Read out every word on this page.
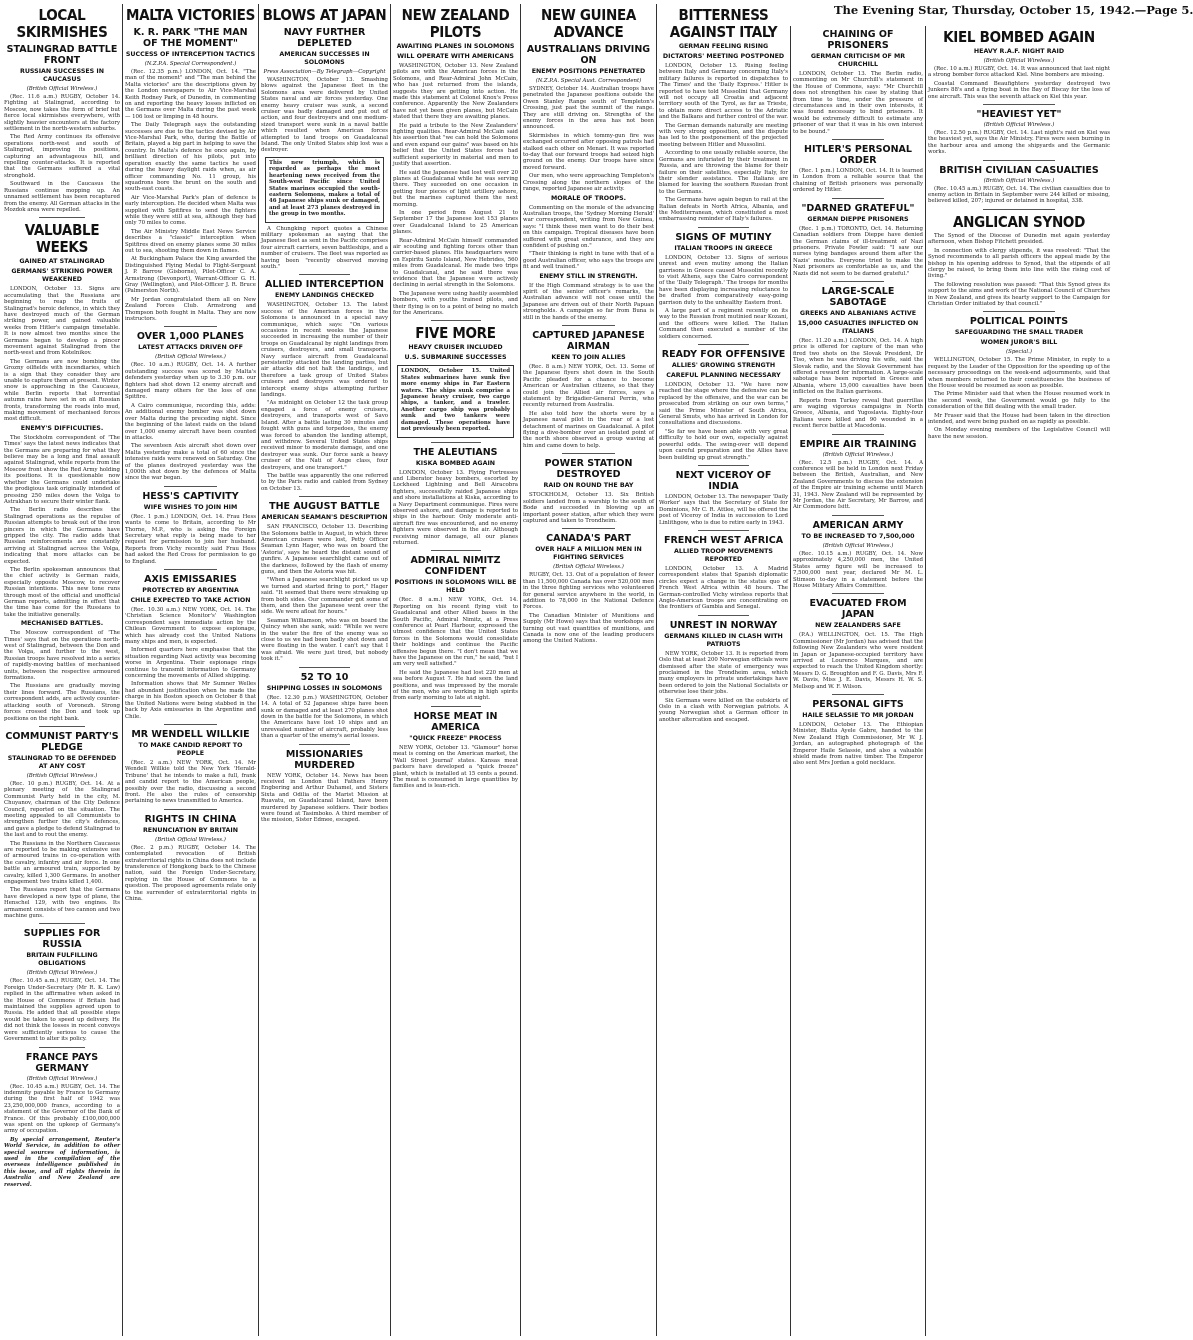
The Evening Star, Thursday, October 15, 1942.—Page 5.
LOCAL SKIRMISHES
STALINGRAD BATTLE FRONT
RUSSIAN SUCCESSES IN CAUCASUS
(British Official Wireless.)

(Rec. 11.6 a.m.) RUGBY, October 14. Fighting at Stalingrad, according to Moscow, now takes the form of brief but fierce local skirmishes everywhere, with slightly heavier encounters at the factory settlement in the north-western suburbs.

The Red Army continues its offensive operations north-west and south of Stalingrad, improving its positions, capturing an advantageous hill, and repelling counter-attacks. It is reported that the Germans suffered a vital stronghold.

Southward in the Caucasus the Russians continue mopping up. An unnamed settlement has been recaptured from the enemy. All German attacks in the Mozdok area were repelled.

VALUABLE WEEKS
GAINED AT STALINGRAD
GERMANS' STRIKING POWER WEAKENED

LONDON, October 13. Signs are accumulating that the Russians are beginning to reap the fruits of Stalingrad's heroic defence, in which they have destroyed much of the German striking power, and gained valuable weeks from Hitler's campaign timetable. It is now almost two months since the Germans began to develop a pincer movement against Stalingrad from the north-west and from Kotelnikov.

The Germans are now bombing the Grozny oilfields with incendiaries, which is a sign that they consider they are unable to capture them at present. Winter snow is approaching in the Caucasus, while Berlin reports that torrential autumn rains have set in on all Russian fronts, transforming the roads into mud, making movement of mechanised forces most difficult.

ENEMY'S DIFFICULTIES.

The Stockholm correspondent of 'The Times' says the latest news indicates that the Germans are preparing for what they believe may be a long and final assault against Stalingrad, while reports from the Moscow front show the Red Army holding its positions. It is questionable now whether the Germans could undertake the prodigious task originally intended of pressing 250 miles down the Volga to Astrakhan to secure their winter flank.

The Berlin radio describes the Stalingrad operations as the repulse of Russian attempts to break out of the iron pincers in which the Germans have gripped the city. The radio adds that Russian reinforcements are constantly arriving at Stalingrad across the Volga, indicating that more attacks can be expected.

The Berlin spokesman announces that the chief activity is German raids, especially opposite Moscow, to recover Russian intentions. This new tone runs through most of the official and unofficial German reports, admitting in effect that the time has come for the Russians to take the initiative generally.

MECHANISED BATTLES.

The Moscow correspondent of 'The Times' says that on the operations north-west of Stalingrad, between the Don and the Volga, and further to the west, Russian troops have resolved into a series of rapidly-moving battles of mechanised units, between the respective armoured formations.

The Russians are gradually moving their lines forward. The Russians, the correspondent adds, are actively counter-attacking south of Voronezh. Strong forces crossed the Don and took up positions on the right bank.

COMMUNIST PARTY'S PLEDGE
STALINGRAD TO BE DEFENDED AT ANY COST
(British Official Wireless.)

(Rec. 10 p.m.) RUGBY, Oct. 14. At a plenary meeting of the Stalingrad Communist Party held in the city, M. Chuyanov, chairman of the City Defence Council, reported on the situation. The meeting appealed to all Communists to strengthen further the city's defences, and gave a pledge to defend Stalingrad to the last and to rout the enemy.

The Russians in the Northern Caucasus are reported to be making extensive use of armoured trains in co-operation with the cavalry, infantry and air force. In one battle an armoured train, supported by cavalry, killed 1,300 Germans. In another engagement two trains killed 1,400.

The Russians report that the Germans have developed a new type of plane, the Henschel 129, with two engines. Its armament consists of two cannon and two machine guns.

SUPPLIES FOR RUSSIA
BRITAIN FULFILLING OBLIGATIONS
(British Official Wireless.)

(Rec. 10.45 a.m.) RUGBY, Oct. 14. The Foreign Under-Secretary (Mr R. K. Law) replied in the affirmative when asked in the House of Commons if Britain had maintained the supplies agreed upon to Russia. He added that all possible steps would be taken to speed up delivery. He did not think the losses in recent convoys were sufficiently serious to cause the Government to alter its policy.

FRANCE PAYS GERMANY
(British Official Wireless.)

(Rec. 10.45 a.m.) RUGBY, Oct. 14. The indemnity payable by France to Germany during the first half of 1942 was 23,250,000,000 francs, according to a statement of the Governor of the Bank of France. Of this probably £100,000,000 was spent on the upkeep of Germany's army of occupation.

By special arrangement, Reuter's World Service, in addition to other special sources of information, is used in the compilation of the overseas intelligence published in this issue, and all rights therein in Australia and New Zealand are reserved.

MALTA VICTORIES
K. R. PARK "THE MAN OF THE MOMENT"
SUCCESS OF INTERCEPTION TACTICS
(N.Z.P.A. Special Correspondent.)

(Rec. 12.35 p.m.) LONDON, Oct. 14. "The man of the moment" and "The man behind the Malta victories" are the descriptions given by the London newspapers to Air Vice-Marshal Keith Rodney Park, of Dunedin, in commenting on and reporting the heavy losses inflicted on the Germans over Malta during the past week — 106 lost or limping in 48 hours.

The Daily Telegraph says the outstanding successes are due to the tactics devised by Air Vice-Marshal Park, who, during the Battle of Britain, played a big part in helping to save the country. In Malta's defence he once again, by brilliant direction of his pilots, put into operation exactly the same tactics he used during the heavy daylight raids when, as air officer commanding No. 11 group, his squadrons bore the brunt on the south and south-east coasts.

Air Vice-Marshal Park's plan of defence is early interception. He decided when Malta was supplied with Spitfires to send the fighters while they were still at sea, although they had only 70 miles to come.

The Air Ministry Middle East News Service describes a "classic" interception when Spitfires dived on enemy planes some 30 miles out to sea, shooting them down in flames.

At Buckingham Palace the King awarded the Distinguished Flying Medal to Flight-Sergeant J. P. Barrow (Gisborne), Pilot-Officer C. A. Armstrong (Devonport), Warrant-Officer G. H. Gray (Wellington), and Pilot-Officer J. R. Bruce (Palmerston North).

Mr Jordan congratulated them all on New Zealand Forces Club. Armstrong and Thompson both fought in Malta. They are now instructors.

OVER 1,000 PLANES
LATEST ATTACKS DRIVEN OFF
(British Official Wireless.)

(Rec. 10 a.m.) RUGBY, Oct. 14. A further outstanding success was scored by Malta's defenders yesterday when up to 3.30 p.m. our fighters had shot down 12 enemy aircraft and damaged many others for the loss of one Spitfire.

A Cairo communique, recording this, adds: An additional enemy bomber was shot down over Malta during the preceding night. Since the beginning of the latest raids on the island over 1,000 enemy aircraft have been counted in attacks.

The seventeen Axis aircraft shot down over Malta yesterday make a total of 60 since the intensive raids were renewed on Saturday. One of the planes destroyed yesterday was the 1,000th shot down by the defences of Malta since the war began.

HESS'S CAPTIVITY
WIFE WISHES TO JOIN HIM

(Rec. 1 p.m.) LONDON, Oct. 14. Frau Hess wants to come to Britain, according to Mr Thorne, M.P., who is asking the Foreign Secretary what reply is being made to her request for permission to join her husband. Reports from Vichy recently said Frau Hess had asked the Red Cross for permission to go to England.

AXIS EMISSARIES
PROTECTED BY ARGENTINA
CHILE EXPECTED TO TAKE ACTION

(Rec. 10.30 a.m.) NEW YORK, Oct. 14. The 'Christian Science Monitor's' Washington correspondent says immediate action by the Chilean Government to expose espionage, which has already cost the United Nations many ships and men, is expected.

Informed quarters here emphasise that the situation regarding Nazi activity was becoming worse in Argentina. Their espionage rings continue to transmit information to Germany concerning the movements of Allied shipping.

Information shows that Mr Sumner Welles had abundant justification when he made the charge in his Boston speech on October 8 that the United Nations were being stabbed in the back by Axis emissaries in the Argentine and Chile.

MR WENDELL WILLKIE
TO MAKE CANDID REPORT TO PEOPLE

(Rec. 2 a.m.) NEW YORK, Oct. 14. Mr Wendell Willkie told the New York 'Herald-Tribune' that he intends to make a full, frank and candid report to the American people, possibly over the radio, discussing a second front. He also the rules of censorship pertaining to news transmitted to America.

RIGHTS IN CHINA
RENUNCIATION BY BRITAIN
(British Official Wireless.)

(Rec. 2 p.m.) RUGBY, October 14. The contemplated revocation of British extraterritorial rights in China does not include transference of Hongkong back to the Chinese nation, said the Foreign Under-Secretary, replying in the House of Commons to a question. The proposed agreements relate only to the surrender of extraterritorial rights in China.

BLOWS AT JAPAN
NAVY FURTHER DEPLETED
AMERICAN SUCCESSES IN SOLOMONS
Press Association—By Telegraph—Copyright

WASHINGTON, October 13. Smashing blows against the Japanese fleet in the Solomons area were delivered by United States naval and air forces yesterday. One enemy heavy cruiser was sunk, a second cruiser was badly damaged and put out of action, and four destroyers and one medium-sized transport were sunk in a naval battle which resulted when American forces attempted to land troops on Guadalcanal Island. The only United States ship lost was a destroyer.

This new triumph, which is regarded as perhaps the most heartening news received from the South-west Pacific since United States marines occupied the south-eastern Solomons, makes a total of 46 Japanese ships sunk or damaged, and at least 273 planes destroyed in the group in two months.

A Chungking report quotes a Chinese military spokesman as saying that the Japanese fleet as sent in the Pacific comprises four aircraft carriers, seven battleships, and a number of cruisers. The fleet was reported as having been "recently observed moving south."

ALLIED INTERCEPTION
ENEMY LANDINGS CHECKED

WASHINGTON, October 13. The latest success of the American forces in the Solomons is announced in a special navy communique, which says: "On various occasions in recent weeks the Japanese succeeded in increasing the number of their troops on Guadalcanal by night landings from cruisers, destroyers, and small transports. Navy surface aircraft from Guadalcanal persistently attacked the landing parties, but air attacks did not halt the landings, and therefore a task group of United States cruisers and destroyers was ordered to intercept enemy ships attempting further landings.

"As midnight on October 12 the task group engaged a force of enemy cruisers, destroyers, and transports west of Savo Island. After a battle lasting 30 minutes and fought with guns and torpedoes, the enemy was forced to abandon the landing attempt, and withdrew. Several United States ships received minor to moderate damage, and one destroyer was sunk. Our force sank a heavy cruiser of the Nati of Ange class, four destroyers, and one transport."

The battle was apparently the one referred to by the Paris radio and cabled from Sydney on October 13.

THE AUGUST BATTLE
AMERICAN SEAMAN'S DESCRIPTION

SAN FRANCISCO, October 13. Describing the Solomons battle in August, in which three American cruisers were lost, Petty Officer Seaman Lynn Hager, who was on board the 'Astoria', says he heard the distant sound of gunfire. A Japanese searchlight came out of the darkness, followed by the flash of enemy guns, and then the Astoria was hit.

"When a Japanese searchlight picked us up we turned and started firing to port," Hager said. "It seemed that there were streaking up from both sides. Our commander got some of them, and then the Japanese went over the side. We were afloat for hours."

Seaman Williamson, who was on board the Quincy when she sank, said: "While we were in the water the fire of the enemy was so close to us we had been badly shot down and were floating in the water. I can't say that I was afraid. We were just tired, but nobody took it."

52 TO 10
SHIPPING LOSSES IN SOLOMONS

(Rec. 12.30 p.m.) WASHINGTON, October 14. A total of 52 Japanese ships have been sunk or damaged and at least 270 planes shot down in the battle for the Solomons, in which the Americans have lost 10 ships and an unrevealed number of aircraft, probably less than a quarter of the enemy's aerial losses.

MISSIONARIES MURDERED

NEW YORK, October 14. News has been received in London that Fathers Henry Engbering and Arthur Duhamel, and Sisters Sixta and Odilia of the Marist Mission at Ruavatu, on Guadalcanal Island, have been murdered by Japanese soldiers. Their bodies were found at Tasimboko. A third member of the mission, Sister Edmee, escaped.

NEW ZEALAND PILOTS
AWAITING PLANES IN SOLOMONS
WILL OPERATE WITH AMERICANS

WASHINGTON, October 13. New Zealand pilots are with the American forces in the Solomons, and Rear-Admiral John McCain, who has just returned from the islands, suggests they are getting into action. He made this statement at Colonel Knox's Press conference. Apparently the New Zealanders have not yet been given planes, but McCain stated that there they are awaiting planes.

He paid a tribute to the New Zealanders' fighting qualities. Rear-Admiral McCain said his assertion that "we can hold the Solomons and even expand our gains" was based on his belief that the United States forces had sufficient superiority in material and men to justify that assertion.

He said the Japanese had lost well over 20 planes at Guadalcanal while he was serving there. They suceeded on one occasion in getting four pieces of light artillery ashore, but the marines captured them the next morning.

In one period from August 21 to September 17 the Japanese lost 153 planes over Guadalcanal Island to 25 American planes.

Rear-Admiral McCain himself commanded air scouting and fighting forces other than carrier-based planes. His headquarters were on Espiritu Santo Island, New Hebrides, 560 miles from Guadalcanal. He made two trips to Guadalcanal, and he said there was evidence that the Japanese were actively declining in aerial strength in the Solomons.

The Japanese were using hastily assembled bombers, with youths trained pilots, and their flying is on to a point of being no match for the Americans.

FIVE MORE
HEAVY CRUISER INCLUDED
U.S. SUBMARINE SUCCESSES

LONDON, October 15. United States submarines have sunk five more enemy ships in Far Eastern waters. The ships sunk comprise a Japanese heavy cruiser, two cargo ships, a tanker, and a trawler. Another cargo ship was probably sunk and two tankers were damaged. These operations have not previously been reported.

THE ALEUTIANS
KISKA BOMBED AGAIN

LONDON, October 13. Flying Fortresses and Liberator heavy bombers, escorted by Lockheed Lightning and Bell Airacobra fighters, successfully raided Japanese ships and shore installations at Kiska, according to a Navy Department communique. Fires were observed ashore, and damage is reported to ships in the harbour. Only moderate anti-aircraft fire was encountered, and no enemy fighters were observed in the air. Although receiving minor damage, all our planes returned.

ADMIRAL NIMITZ CONFIDENT
POSITIONS IN SOLOMONS WILL BE HELD

(Rec. 8 a.m.) NEW YORK, Oct. 14. Reporting on his recent flying visit to Guadalcanal and other Allied bases in the South Pacific, Admiral Nimitz, at a Press conference at Pearl Harbour, expressed the utmost confidence that the United States forces in the Solomons would consolidate their holdings and continue the Pacific offensive begun there. "I don't mean that we have the Japanese on the run," he said, "but I am very well satisfied."

He said the Japanese had lost 220 men at sea before August 7. He had seen the land positions, and was impressed by the morale of the men, who are working in high spirits from early morning to late at night.

HORSE MEAT IN AMERICA
"QUICK FREEZE" PROCESS

NEW YORK, October 13. "Glamour" horse meat is coming on the American market, the 'Wall Street Journal' states. Kansas meat packers have developed a "quick freeze" plant, which is installed at 15 cents a pound. The meat is consumed in large quantities by families and is lean-rich.

NEW GUINEA ADVANCE
AUSTRALIANS DRIVING ON
ENEMY POSITIONS PENETRATED
(N.Z.P.A. Special Aust. Correspondent)

SYDNEY, October 14. Australian troops have penetrated the Japanese positions outside the Owen Stanley Range south of Templeton's Crossing, just past the summit of the range. They are still driving on. Strengths of the enemy forces in the area has not been announced.

Skirmishes in which tommy-gun fire was exchanged occurred after opposing patrols had stalked each other on Menari. It was reported to-day that our forward troops had seized high ground on the enemy. Our troops have since moved forward.

Our men, who were approaching Templeton's Crossing along the northern slopes of the range, reported Japanese air activity.

MORALE OF TROOPS.

Commenting on the morale of the advancing Australian troops, the 'Sydney Morning Herald' war correspondent, writing from New Guinea, says: "I think these men want to do their best on this campaign. Tropical diseases have been suffered with great endurance, and they are confident of pushing on."

"Their thinking is right in tune with that of a good Australian officer, who says the troops are fit and well trained."

ENEMY STILL IN STRENGTH.

If the High Command strategy is to use the spirit of the senior officer's remarks, the Australian advance will not cease until the Japanese are driven out of their North Papuan strongholds. A campaign so far from Buna is still in the hands of the enemy.

CAPTURED JAPANESE AIRMAN
KEEN TO JOIN ALLIES

(Rec. 8 a.m.) NEW YORK, Oct. 13. Some of the Japanese flyers shot down in the South Pacific pleaded for a chance to become American or Australian citizens, so that they could join the Allied air forces, says a statement by Brigadier-General Perrin, who recently returned from Australia.

He also told how the shorts were by a Japanese naval pilot in the rear of a lost detachment of marines on Guadalcanal. A pilot flying a dive-bomber over an isolated point of the north shore observed a group waving at him and came down to help.

POWER STATION DESTROYED
RAID ON ROUND THE BAY

STOCKHOLM, October 13. Six British soldiers landed from a warship to the south of Bodø and succeeded in blowing up an important power station, after which they were captured and taken to Trondheim.

CANADA'S PART
OVER HALF A MILLION MEN IN FIGHTING SERVICES
(British Official Wireless.)

RUGBY, Oct. 13. Out of a population of fewer than 11,500,000 Canada has over 520,000 men in the three fighting services who volunteered for general service anywhere in the world, in addition to 78,000 in the National Defence Forces.

The Canadian Minister of Munitions and Supply (Mr Howe) says that the workshops are turning out vast quantities of munitions, and Canada is now one of the leading producers among the United Nations.

BITTERNESS AGAINST ITALY
GERMAN FEELING RISING
DICTATORS' MEETING POSTPONED

LONDON, October 13. Rising feeling between Italy and Germany concerning Italy's military failures is reported in dispatches to 'The Times' and the 'Daily Express.' Hitler is reported to have told Mussolini that Germany will not occupy all Croatia and adjacent territory south of the Tyrol, as far as Trieste, to obtain more direct access to the Adriatic and the Balkans and further control of the war.

The German demands naturally are meeting with very strong opposition, and the dispute has led to the postponement of the projected meeting between Hitler and Mussolini.

According to one usually reliable source, the Germans are infuriated by their treatment in Russia, and are throwing the blame for their failure on their satellites, especially Italy, for their slender assistance. The Italians are blamed for leaving the southern Russian front to the Germans.

The Germans have again begun to rail at the Italian defeats in North Africa, Albania, and the Mediterranean, which constituted a most embarrassing reminder of Italy's failures.

SIGNS OF MUTINY
ITALIAN TROOPS IN GREECE

LONDON, October 13. Signs of serious unrest and even mutiny among the Italian garrisons in Greece caused Mussolini recently to visit Athens, says the Cairo correspondent of the 'Daily Telegraph.' The troops for months have been displaying increasing reluctance to be drafted from comparatively easy-going garrison duty to the unhealthy Eastern front.

A large part of a regiment recently on its way to the Russian front mutinied near Kozani, and the officers were killed. The Italian Command then executed a number of the soldiers concerned.

READY FOR OFFENSIVE
ALLIES' GROWING STRENGTH
CAREFUL PLANNING NECESSARY

LONDON, October 13. "We have now reached the stage where the defensive can be replaced by the offensive, and the war can be prosecuted from striking on our own terms," said the Prime Minister of South Africa, General Smuts, who has arrived in London for consultations and discussions.

"So far we have been able with very great difficulty to hold our own, especially against powerful odds. The swing-over will depend upon careful preparation and the Allies have been building up great strength."

NEXT VICEROY OF INDIA

LONDON, October 13. The newspaper 'Daily Worker' says that the Secretary of State for Dominions, Mr C. R. Attlee, will be offered the post of Viceroy of India in succession to Lord Linlithgow, who is due to retire early in 1943.

FRENCH WEST AFRICA
ALLIED TROOP MOVEMENTS REPORTED

LONDON, October 13. A Madrid correspondent states that Spanish diplomatic circles expect a change in the status quo of French West Africa within 48 hours. The German-controlled Vichy wireless reports that Anglo-American troops are concentrating on the frontiers of Gambia and Senegal.

UNREST IN NORWAY
GERMANS KILLED IN CLASH WITH PATRIOTS

NEW YORK, October 13. It is reported from Oslo that at least 200 Norwegian officials were dismissed after the state of emergency was proclaimed in the Trondheim area, which many employers in private undertakings have been ordered to join the National Socialists or otherwise lose their jobs.

Six Germans were killed on the outskirts of Oslo in a clash with Norwegian patriots. A young Norwegian shot a German officer in another altercation and escaped.

CHAINING OF PRISONERS
GERMAN CRITICISM OF MR CHURCHILL

LONDON, October 13. The Berlin radio, commenting on Mr Churchill's statement in the House of Commons, says: "Mr Churchill does not strengthen his case by stating that from time to time, under the pressure of circumstances and in their own interests, it was found necessary to bind prisoners. It would be extremely difficult to estimate any prisoner of war that it was in his own interest to be bound."

HITLER'S PERSONAL ORDER

(Rec. 1 p.m.) LONDON, Oct. 14. It is learned in London from a reliable source that the chaining of British prisoners was personally ordered by Hitler.

"DARNED GRATEFUL"
GERMAN DIEPPE PRISONERS

(Rec. 1 p.m.) TORONTO, Oct. 14. Returning Canadian soldiers from Dieppe have denied the German claims of ill-treatment of Nazi prisoners. Private Fowler said: "I saw our nurses tying bandages around them after the Nazis' mouths. Everyone tried to make the Nazi prisoners as comfortable as us, and the Nazis did not seem to be darned grateful."

LARGE-SCALE SABOTAGE
GREEKS AND ALBANIANS ACTIVE
15,000 CASUALTIES INFLICTED ON ITALIANS

(Rec. 11.20 a.m.) LONDON, Oct. 14. A high price is offered for capture of the man who fired two shots on the Slovak President, Dr Tiso, when he was driving his wife, said the Slovak radio, and the Slovak Government has offered a reward for information. A large-scale sabotage has been reported in Greece and Albania, where 15,000 casualties have been inflicted on the Italian garrisons.

Reports from Turkey reveal that guerrillas are waging vigorous campaigns in North Greece, Albania, and Yugoslavia. Eighty-four Italians were killed and 90 wounded in a recent fierce battle at Macedonia.

EMPIRE AIR TRAINING
(British Official Wireless.)

(Rec. 12.5 p.m.) RUGBY, Oct. 14. A conference will be held in London next Friday between the British, Australian, and New Zealand Governments to discuss the extension of the Empire air training scheme until March 31, 1943. New Zealand will be represented by Mr Jordan, the Air Secretary, Mr Barrow, and Air Commodore Isitt.

AMERICAN ARMY
TO BE INCREASED TO 7,500,000
(British Official Wireless.)

(Rec. 10.15 a.m.) RUGBY, Oct. 14. Now approximately 4,250,000 men, the United States army figure will be increased to 7,500,000 next year, declared Mr M. L. Stimson to-day in a statement before the House Military Affairs Committee.

EVACUATED FROM JAPAN
NEW ZEALANDERS SAFE

(P.A.) WELLINGTON, Oct. 15. The High Commissioner (Mr Jordan) has advised that the following New Zealanders who were resident in Japan or Japanese-occupied territory have arrived at Lourenco Marques, and are expected to reach the United Kingdom shortly: Messrs D. G. Broughton and F. G. Davis, Mrs F. W. Davis, Miss J. E. Davis, Messrs H. W. S. Mellsop and W. F. Wilson.

PERSONAL GIFTS
HAILE SELASSIE TO MR JORDAN

LONDON, October 13. The Ethiopian Minister, Blatta Ayele Gabre, handed to the New Zealand High Commissioner, Mr W. J. Jordan, an autographed photograph of the Emperor Haile Selassie, and also a valuable shield made from native timber. The Emperor also sent Mrs Jordan a gold necklace.

KIEL BOMBED AGAIN
HEAVY R.A.F. NIGHT RAID
(British Official Wireless.)

(Rec. 10 a.m.) RUGBY, Oct. 14. It was announced that last night a strong bomber force attacked Kiel. Nine bombers are missing.

Coastal Command Beaufighters yesterday destroyed two Junkers 88's and a flying boat in the Bay of Biscay for the loss of one aircraft. This was the seventh attack on Kiel this year.

"HEAVIEST YET"
(British Official Wireless.)

(Rec. 12.50 p.m.) RUGBY, Oct. 14. Last night's raid on Kiel was the heaviest yet, says the Air Ministry. Fires were seen burning in the harbour area and among the shipyards and the Germanic works.

BRITISH CIVILIAN CASUALTIES
(British Official Wireless.)

(Rec. 10.45 a.m.) RUGBY, Oct. 14. The civilian casualties due to enemy action in Britain in September were 244 killed or missing, believed killed, 207; injured or detained in hospital, 338.

ANGLICAN SYNOD

The Synod of the Diocese of Dunedin met again yesterday afternoon, when Bishop Fitchett presided.

In connection with clergy stipends, it was resolved: "That the Synod recommends to all parish officers the appeal made by the bishop in his opening address to Synod, that the stipends of all clergy be raised, to bring them into line with the rising cost of living."

The following resolution was passed: "That this Synod gives its support to the aims and work of the National Council of Churches in New Zealand, and gives its hearty support to the Campaign for Christian Order initiated by that council."

POLITICAL POINTS
SAFEGUARDING THE SMALL TRADER
WOMEN JUROR'S BILL
(Special.)

WELLINGTON, October 15. The Prime Minister, in reply to a request by the Leader of the Opposition for the speeding up of the necessary proceedings on the week-end adjournments, said that when members returned to their constituencies the business of the House would be resumed as soon as possible.

The Prime Minister said that when the House resumed work in the second week, the Government would go fully to the consideration of the Bill dealing with the small trader.

Mr Fraser said that the House had been taken in the direction intended, and were being pushed on as rapidly as possible.

On Monday evening members of the Legislative Council will have the new session.
